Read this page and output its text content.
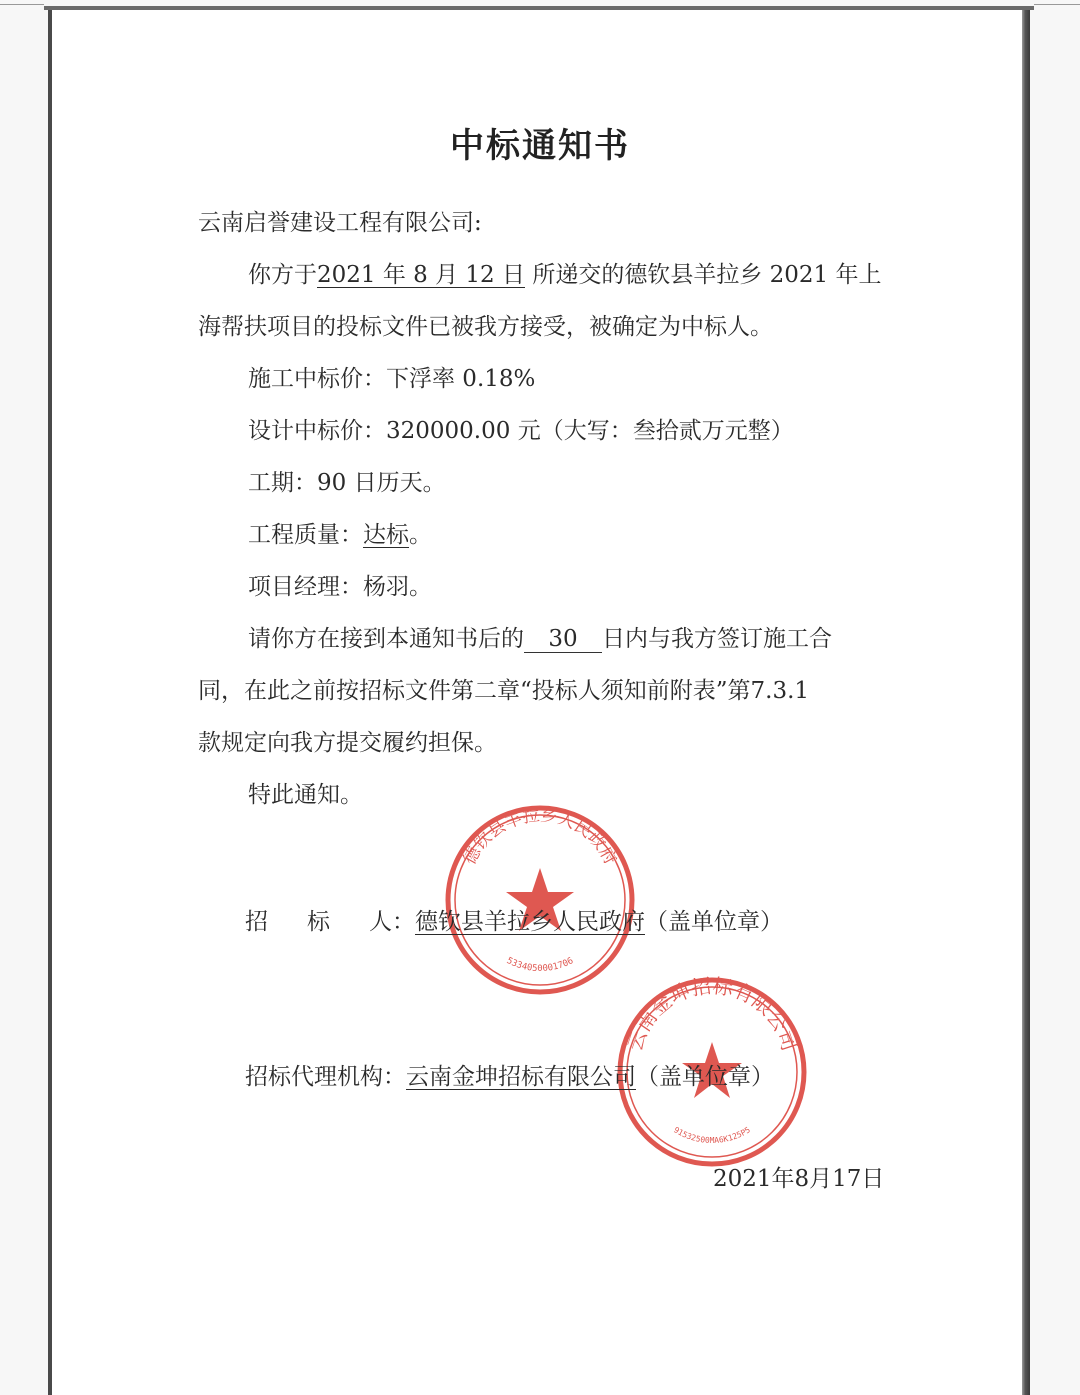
中标通知书
云南启誉建设工程有限公司:
你方于2021 年 8 月 12 日 所递交的德钦县羊拉乡 2021 年上
海帮扶项目的投标文件已被我方接受，被确定为中标人。
施工中标价：下浮率 0.18%
设计中标价：320000.00 元（大写：叁拾贰万元整）
工期：90 日历天。
工程质量：达标。
项目经理：杨羽。
请你方在接到本通知书后的 30 日内与我方签订施工合
同，在此之前按招标文件第二章“投标人须知前附表”第7.3.1
款规定向我方提交履约担保。
特此通知。
德钦县羊拉乡人民政府
5334050001706
招 标 人：德钦县羊拉乡人民政府（盖单位章）
云南金坤招标有限公司
91532500MA6K125P5
招标代理机构：云南金坤招标有限公司（盖单位章）
2021年8月17日
